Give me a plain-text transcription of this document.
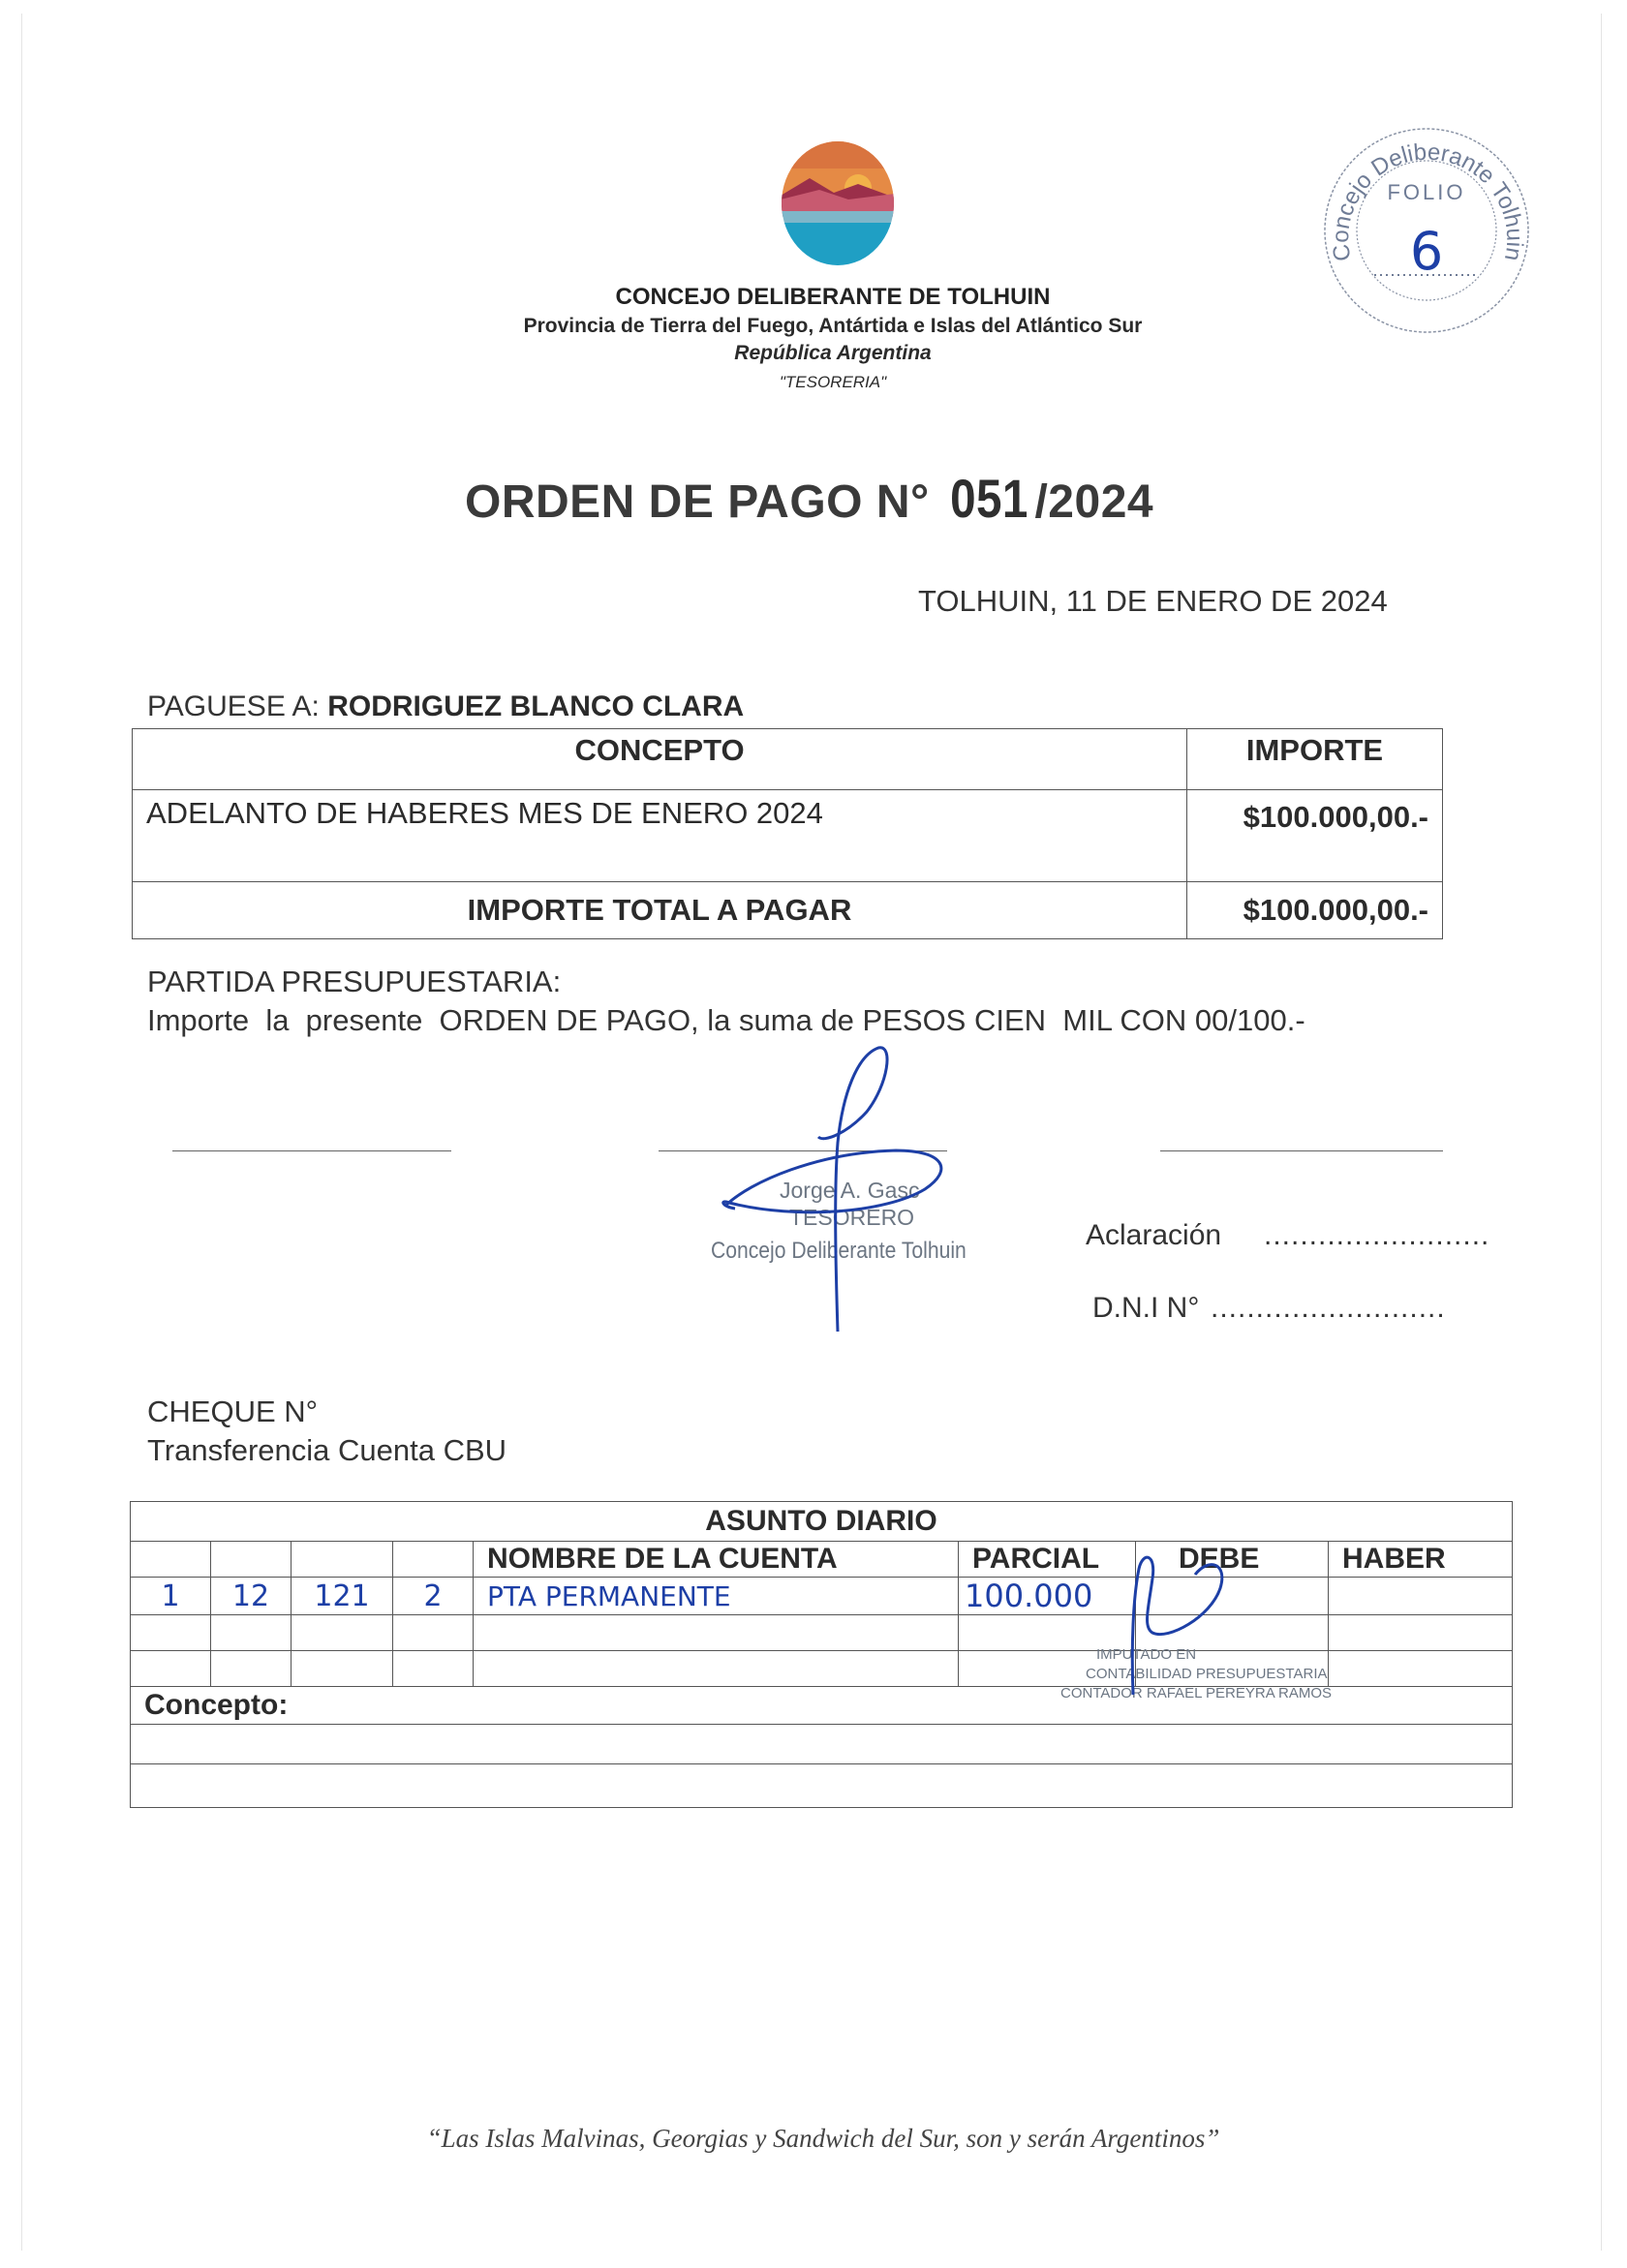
CONCEJO DELIBERANTE DE TOLHUIN
Provincia de Tierra del Fuego, Antártida e Islas del Atlántico Sur
República Argentina
"TESORERIA"
Concejo Deliberante Tolhuin
FOLIO
6
ORDEN DE PAGO N° 051 /2024
TOLHUIN, 11 DE ENERO DE 2024
PAGUESE A: RODRIGUEZ BLANCO CLARA
CONCEPTO	IMPORTE
ADELANTO DE HABERES MES DE ENERO 2024	$100.000,00.-
IMPORTE TOTAL A PAGAR	$100.000,00.-
PARTIDA PRESUPUESTARIA:
Importe  la  presente  ORDEN DE PAGO, la suma de PESOS CIEN  MIL CON 00/100.-
Jorge A. Gasc
TESORERO
Concejo Deliberante Tolhuin	Aclaración .........................
D.N.I N° ..........................
CHEQUE N°
Transferencia Cuenta CBU
ASUNTO DIARIO							
				NOMBRE DE LA CUENTA	PARCIAL	DEBE	HABER
1	12	121	2	PTA PERMANENTE	100.000		

Concepto:							

IMPUTADO EN
CONTABILIDAD PRESUPUESTARIA
CONTADOR RAFAEL PEREYRA RAMOS
“Las Islas Malvinas, Georgias y Sandwich del Sur, son y serán Argentinos”
